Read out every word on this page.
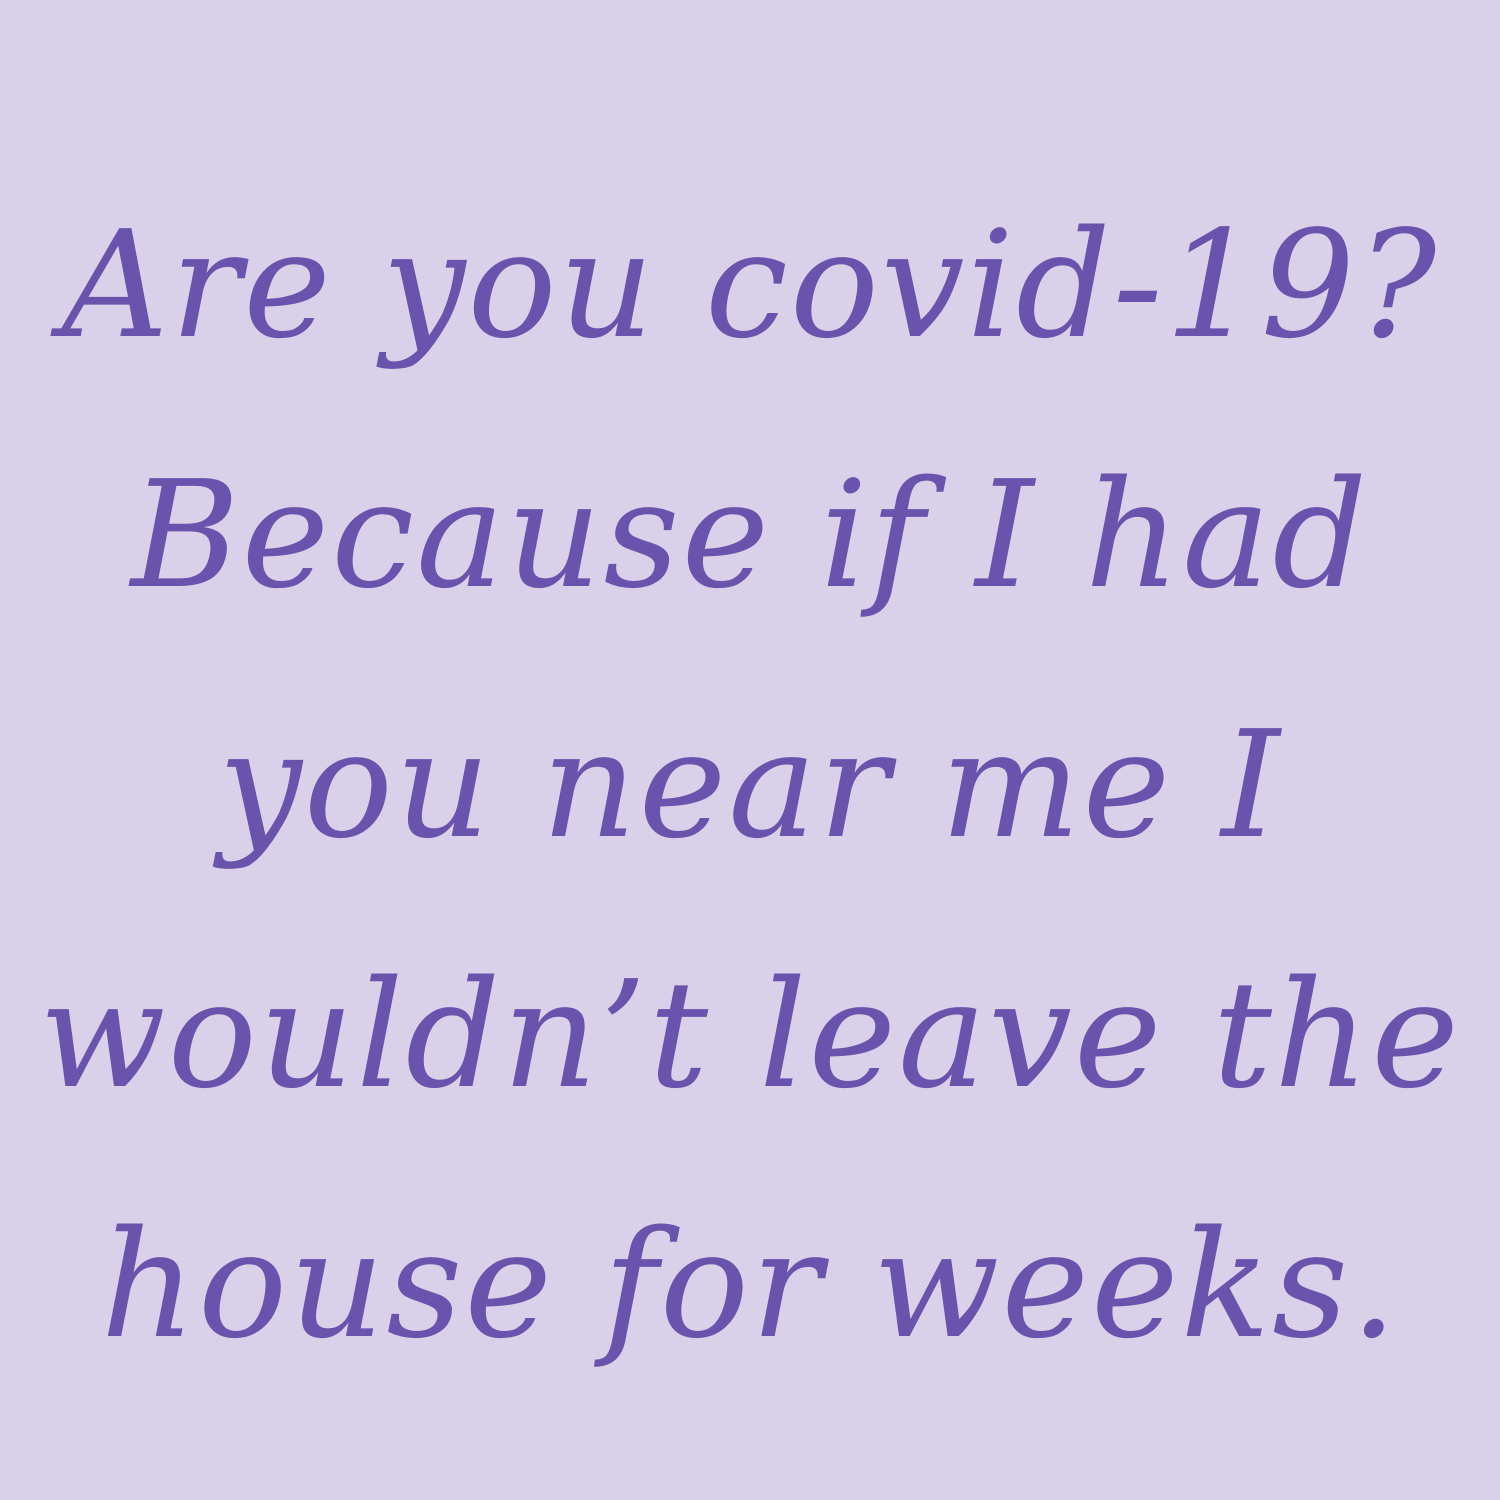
Are you covid-19?
Because if I had
you near me I
wouldn’t leave the
house for weeks.
